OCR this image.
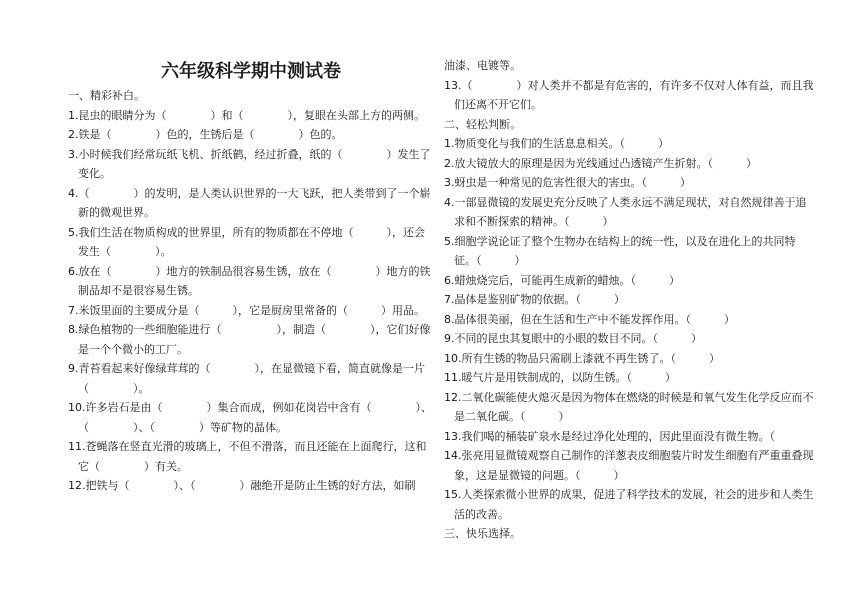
六年级科学期中测试卷

一、精彩补白。

1.昆虫的眼睛分为（　　　　）和（　　　　），复眼在头部上方的两侧。

2.铁是（　　　　）色的，生锈后是（　　　　）色的。

3.小时候我们经常玩纸飞机、折纸鹤，经过折叠，纸的（　　　　）发生了变化。

4.（　　　　）的发明，是人类认识世界的一大飞跃，把人类带到了一个崭新的微观世界。

5.我们生活在物质构成的世界里，所有的物质都在不停地（　　　），还会发生（　　　　）。

6.放在（　　　　）地方的铁制品很容易生锈，放在（　　　　）地方的铁制品却不是很容易生锈。

7.米饭里面的主要成分是（　　　），它是厨房里常备的（　　　）用品。

8.绿色植物的一些细胞能进行（　　　　　），制造（　　　　），它们好像是一个个微小的工厂。

9.青苔看起来好像绿茸茸的（　　　　），在显微镜下看，简直就像是一片（　　　　）。

10.许多岩石是由（　　　　）集合而成，例如花岗岩中含有（　　　　）、（　　　　）、（　　　　）等矿物的晶体。

11.苍蝇落在竖直光滑的玻璃上，不但不滑落，而且还能在上面爬行，这和它（　　　　）有关。

12.把铁与（　　　　）、（　　　　）融绝开是防止生锈的好方法，如刷

油漆、电镀等。

13.（　　　　）对人类并不都是有危害的，有许多不仅对人体有益，而且我们还离不开它们。

二、轻松判断。

1.物质变化与我们的生活息息相关。（　　　）

2.放大镜放大的原理是因为光线通过凸透镜产生折射。（　　　）

3.蚜虫是一种常见的危害性很大的害虫。（　　　）

4.一部显微镜的发展史充分反映了人类永远不满足现状，对自然规律善于追求和不断探索的精神。（　　　）

5.细胞学说论证了整个生物办在结构上的统一性，以及在进化上的共同特征。（　　　）

6.蜡烛烧完后，可能再生成新的蜡烛。（　　　）

7.晶体是鉴别矿物的依据。（　　　）

8.晶体很美丽，但在生活和生产中不能发挥作用。（　　　）

9.不同的昆虫其复眼中的小眼的数目不同。（　　　）

10.所有生锈的物品只需刷上漆就不再生锈了。（　　　）

11.暖气片是用铁制成的，以防生锈。（　　　）

12.二氧化碳能使火熄灭是因为物体在燃烧的时候是和氧气发生化学反应而不是二氧化碳。（　　　）

13.我们喝的桶装矿泉水是经过净化处理的，因此里面没有微生物。（

14.张亮用显微镜观察自己制作的洋葱表皮细胞装片时发生细胞有严重重叠现象，这是显微镜的问题。（　　　）

15.人类探索微小世界的成果，促进了科学技术的发展，社会的进步和人类生活的改善。

三、快乐选择。
